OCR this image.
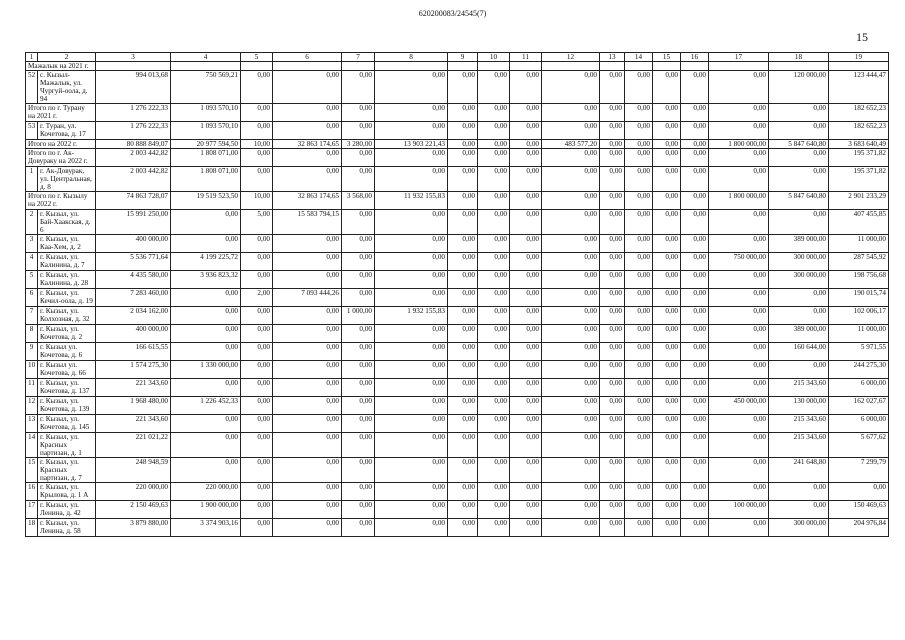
620200083/24545(7)
15
1	2	3	4	5	6	7	8	9	10	11	12	13	14	15	16	17	18	19
Мажалык на 2021 г.																		
52	с. Кызыл-Мажалык, ул. Чургуй-оола, д. 94	994 013,68	750 569,21	0,00	0,00	0,00	0,00	0,00	0,00	0,00	0,00	0,00	0,00	0,00	0,00	0,00	120 000,00	123 444,47
Итого по г. Турану на 2021 г.		1 276 222,33	1 093 570,10	0,00	0,00	0,00	0,00	0,00	0,00	0,00	0,00	0,00	0,00	0,00	0,00	0,00	0,00	182 652,23
53	г. Туран, ул. Кочетова, д. 17	1 276 222,33	1 093 570,10	0,00	0,00	0,00	0,00	0,00	0,00	0,00	0,00	0,00	0,00	0,00	0,00	0,00	0,00	182 652,23
Итого на 2022 г.		80 888 849,07	20 977 594,50	10,00	32 863 174,65	3 280,00	13 903 221,43	0,00	0,00	0,00	483 577,20	0,00	0,00	0,00	0,00	1 800 000,00	5 847 640,80	3 683 640,49
Итого по г. Ак-Довураку на 2022 г.		2 003 442,82	1 808 071,00	0,00	0,00	0,00	0,00	0,00	0,00	0,00	0,00	0,00	0,00	0,00	0,00	0,00	0,00	195 371,82
1	г. Ак-Довурак, ул. Центральная, д. 8	2 003 442,82	1 808 071,00	0,00	0,00	0,00	0,00	0,00	0,00	0,00	0,00	0,00	0,00	0,00	0,00	0,00	0,00	195 371,82
Итого по г. Кызылу на 2022 г.		74 863 728,07	19 519 523,50	10,00	32 863 174,65	3 568,00	11 932 155,83	0,00	0,00	0,00	0,00	0,00	0,00	0,00	0,00	1 800 000,00	5 847 640,80	2 901 233,29
2	г. Кызыл, ул. Бай-Хаакская, д. 6	15 991 250,00	0,00	5,00	15 583 794,15	0,00	0,00	0,00	0,00	0,00	0,00	0,00	0,00	0,00	0,00	0,00	0,00	407 455,85
3	г. Кызыл, ул. Каа-Хем, д. 2	400 000,00	0,00	0,00	0,00	0,00	0,00	0,00	0,00	0,00	0,00	0,00	0,00	0,00	0,00	0,00	389 000,00	11 000,00
4	г. Кызыл, ул. Калинина, д. 7	5 536 771,64	4 199 225,72	0,00	0,00	0,00	0,00	0,00	0,00	0,00	0,00	0,00	0,00	0,00	0,00	750 000,00	300 000,00	287 545,92
5	г. Кызыл, ул. Калинина, д. 28	4 435 580,00	3 936 823,32	0,00	0,00	0,00	0,00	0,00	0,00	0,00	0,00	0,00	0,00	0,00	0,00	0,00	300 000,00	198 756,68
6	г. Кызыл, ул. Кечил-оола, д. 19	7 283 460,00	0,00	2,00	7 093 444,26	0,00	0,00	0,00	0,00	0,00	0,00	0,00	0,00	0,00	0,00	0,00	0,00	190 015,74
7	г. Кызыл, ул. Колхозная, д. 32	2 034 162,00	0,00	0,00	0,00	1 000,00	1 932 155,83	0,00	0,00	0,00	0,00	0,00	0,00	0,00	0,00	0,00	0,00	102 006,17
8	г. Кызыл, ул. Кочетова, д. 2	400 000,00	0,00	0,00	0,00	0,00	0,00	0,00	0,00	0,00	0,00	0,00	0,00	0,00	0,00	0,00	389 000,00	11 000,00
9	г. Кызыл ул. Кочетова, д. 6	166 615,55	0,00	0,00	0,00	0,00	0,00	0,00	0,00	0,00	0,00	0,00	0,00	0,00	0,00	0,00	160 644,00	5 971,55
10	г. Кызыл ул. Кочетова, д. 66	1 574 275,30	1 330 000,00	0,00	0,00	0,00	0,00	0,00	0,00	0,00	0,00	0,00	0,00	0,00	0,00	0,00	0,00	244 275,30
11	г. Кызыл, ул. Кочетова, д. 137	221 343,60	0,00	0,00	0,00	0,00	0,00	0,00	0,00	0,00	0,00	0,00	0,00	0,00	0,00	0,00	215 343,60	6 000,00
12	г. Кызыл, ул. Кочетова, д. 139	1 968 480,00	1 226 452,33	0,00	0,00	0,00	0,00	0,00	0,00	0,00	0,00	0,00	0,00	0,00	0,00	450 000,00	130 000,00	162 027,67
13	г. Кызыл, ул. Кочетова, д. 145	221 343,60	0,00	0,00	0,00	0,00	0,00	0,00	0,00	0,00	0,00	0,00	0,00	0,00	0,00	0,00	215 343,60	6 000,00
14	г. Кызыл, ул. Красных партизан, д. 1	221 021,22	0,00	0,00	0,00	0,00	0,00	0,00	0,00	0,00	0,00	0,00	0,00	0,00	0,00	0,00	215 343,60	5 677,62
15	г. Кызыл, ул. Красных партизан, д. 7	248 948,59	0,00	0,00	0,00	0,00	0,00	0,00	0,00	0,00	0,00	0,00	0,00	0,00	0,00	0,00	241 648,80	7 299,79
16	г. Кызыл, ул. Крылова, д. 1 А	220 000,00	220 000,00	0,00	0,00	0,00	0,00	0,00	0,00	0,00	0,00	0,00	0,00	0,00	0,00	0,00	0,00	0,00
17	г. Кызыл, ул. Ленина, д. 42	2 150 469,63	1 900 000,00	0,00	0,00	0,00	0,00	0,00	0,00	0,00	0,00	0,00	0,00	0,00	0,00	100 000,00	0,00	150 469,63
18	г. Кызыл, ул. Ленина, д. 58	3 879 880,00	3 374 903,16	0,00	0,00	0,00	0,00	0,00	0,00	0,00	0,00	0,00	0,00	0,00	0,00	0,00	300 000,00	204 976,84
